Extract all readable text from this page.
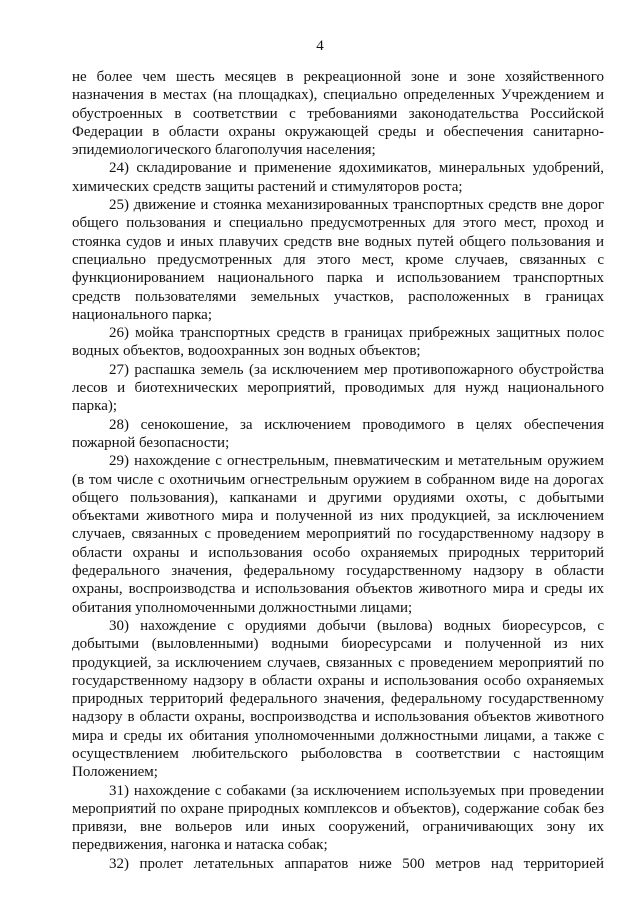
4

не более чем шесть месяцев в рекреационной зоне и зоне хозяйственного назначения в местах (на площадках), специально определенных Учреждением и обустроенных в соответствии с требованиями законодательства Российской Федерации в области охраны окружающей среды и обеспечения санитарно-эпидемиологического благополучия населения;

24) складирование и применение ядохимикатов, минеральных удобрений, химических средств защиты растений и стимуляторов роста;

25) движение и стоянка механизированных транспортных средств вне дорог общего пользования и специально предусмотренных для этого мест, проход и стоянка судов и иных плавучих средств вне водных путей общего пользования и специально предусмотренных для этого мест, кроме случаев, связанных с функционированием национального парка и использованием транспортных средств пользователями земельных участков, расположенных в границах национального парка;

26) мойка транспортных средств в границах прибрежных защитных полос водных объектов, водоохранных зон водных объектов;

27) распашка земель (за исключением мер противопожарного обустройства лесов и биотехнических мероприятий, проводимых для нужд национального парка);

28) сенокошение, за исключением проводимого в целях обеспечения пожарной безопасности;

29) нахождение с огнестрельным, пневматическим и метательным оружием (в том числе с охотничьим огнестрельным оружием в собранном виде на дорогах общего пользования), капканами и другими орудиями охоты, с добытыми объектами животного мира и полученной из них продукцией, за исключением случаев, связанных с проведением мероприятий по государственному надзору в области охраны и использования особо охраняемых природных территорий федерального значения, федеральному государственному надзору в области охраны, воспроизводства и использования объектов животного мира и среды их обитания уполномоченными должностными лицами;

30) нахождение с орудиями добычи (вылова) водных биоресурсов, с добытыми (выловленными) водными биоресурсами и полученной из них продукцией, за исключением случаев, связанных с проведением мероприятий по государственному надзору в области охраны и использования особо охраняемых природных территорий федерального значения, федеральному государственному надзору в области охраны, воспроизводства и использования объектов животного мира и среды их обитания уполномоченными должностными лицами, а также с осуществлением любительского рыболовства в соответствии с настоящим Положением;

31) нахождение с собаками (за исключением используемых при проведении мероприятий по охране природных комплексов и объектов), содержание собак без привязи, вне вольеров или иных сооружений, ограничивающих зону их передвижения, нагонка и натаска собак;

32) пролет летательных аппаратов ниже 500 метров над территорией
